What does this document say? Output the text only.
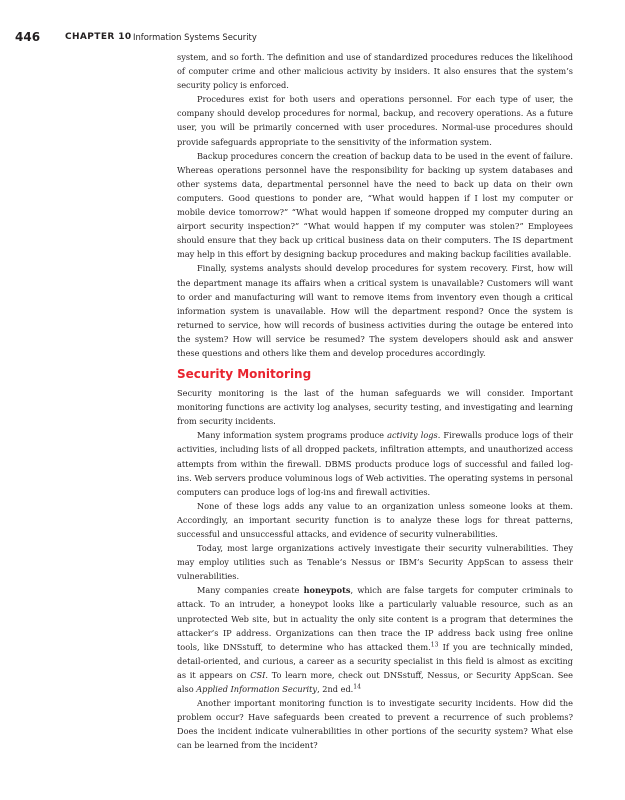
446	CHAPTER 10 Information Systems Security

system, and so forth. The definition and use of standardized procedures reduces the likelihood of computer crime and other malicious activity by insiders. It also ensures that the system’s security policy is enforced.

Procedures exist for both users and operations personnel. For each type of user, the company should develop procedures for normal, backup, and recovery operations. As a future user, you will be primarily concerned with user procedures. Normal-use procedures should provide safeguards appropriate to the sensitivity of the information system.

Backup procedures concern the creation of backup data to be used in the event of failure. Whereas operations personnel have the responsibility for backing up system databases and other systems data, departmental personnel have the need to back up data on their own computers. Good questions to ponder are, “What would happen if I lost my computer or mobile device tomorrow?” “What would happen if someone dropped my computer during an airport security inspection?” “What would happen if my computer was stolen?” Employees should ensure that they back up critical business data on their computers. The IS department may help in this effort by designing backup procedures and making backup facilities available.

Finally, systems analysts should develop procedures for system recovery. First, how will the department manage its affairs when a critical system is unavailable? Customers will want to order and manufacturing will want to remove items from inventory even though a critical information system is unavailable. How will the department respond? Once the system is returned to service, how will records of business activities during the outage be entered into the system? How will service be resumed? The system developers should ask and answer these questions and others like them and develop procedures accordingly.

Security Monitoring

Security monitoring is the last of the human safeguards we will consider. Important monitoring functions are activity log analyses, security testing, and investigating and learning from security incidents.

Many information system programs produce activity logs. Firewalls produce logs of their activities, including lists of all dropped packets, infiltration attempts, and unauthorized access attempts from within the firewall. DBMS products produce logs of successful and failed log-ins. Web servers produce voluminous logs of Web activities. The operating systems in personal computers can produce logs of log-ins and firewall activities.

None of these logs adds any value to an organization unless someone looks at them. Accordingly, an important security function is to analyze these logs for threat patterns, successful and unsuccessful attacks, and evidence of security vulnerabilities.

Today, most large organizations actively investigate their security vulnerabilities. They may employ utilities such as Tenable’s Nessus or IBM’s Security AppScan to assess their vulnerabilities.

Many companies create honeypots, which are false targets for computer criminals to attack. To an intruder, a honeypot looks like a particularly valuable resource, such as an unprotected Web site, but in actuality the only site content is a program that determines the attacker’s IP address. Organizations can then trace the IP address back using free online tools, like DNSstuff, to determine who has attacked them.$^{13}$ If you are technically minded, detail-oriented, and curious, a career as a security specialist in this field is almost as exciting as it appears on CSI. To learn more, check out DNSstuff, Nessus, or Security AppScan. See also Applied Information Security, 2nd ed.$^{14}$

Another important monitoring function is to investigate security incidents. How did the problem occur? Have safeguards been created to prevent a recurrence of such problems? Does the incident indicate vulnerabilities in other portions of the security system? What else can be learned from the incident?
